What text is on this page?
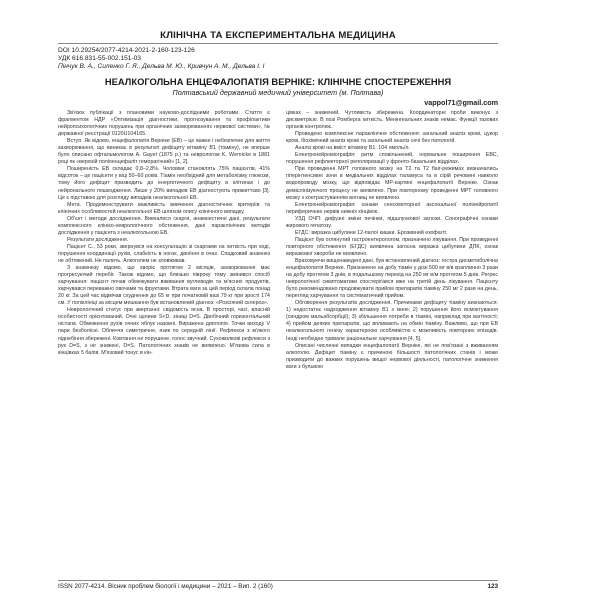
КЛІНІЧНА ТА ЕКСПЕРИМЕНТАЛЬНА МЕДИЦИНА
DOI 10.29254/2077-4214-2021-2-160-123-126
УДК 616.831-55-002.151-03
Пінчук В. А., Силенко Г. Я., Дельва М. Ю., Кривчун А. М., Дельва І. І
НЕАЛКОГОЛЬНА ЕНЦЕФАЛОПАТІЯ ВЕРНІКЕ: КЛІНІЧНЕ СПОСТЕРЕЖЕННЯ
Полтавський державний медичний університет (м. Полтава)
vappol71@gmail.com

Зв'язок публікації з плановими науково-дослідними роботами. Стаття є фрагментом НДР «Оптимізація діагностики, прогнозування та профілактики нейропсихологічних порушень при органічних захворюваннях нервової системи», № державної реєстрації 0120U104165.

Вступ. Як відомо, енцефалопатія Верніке (ЕВ) – це важке і небезпечне для життя захворювання, що виникає в результаті дефіциту вітаміну В1 (тіаміну), не вперше було описано офтальмологом A. Gayet (1875 р.) та неврологом K. Wernicke в 1881 році як «верхній поліоенцефаліт геморагічний» [1, 2].

Поширеність ЕВ складає 0,8–2,8%. Чоловіки становлять 75% пацієнтів, 41% відсоток – це пацієнти у віці 50–60 років. Тіамін необхідний для метаболізму глюкози, тому його дефіцит призводить до енергетичного дефіциту в клітинах і до нейронального пошкодження. Лише у 20% випадків ЕВ діагностують прижиттєво [3]. Це є підставою для розгляду випадків неалкогольної ЕВ.

Мета. Продемонструвати важливість вивчення діагностичних критеріїв та клінічних особливостей неалкогольної ЕВ шляхом опису клінічного випадку.

Об'єкт і методи дослідження. Вивчалися скарги, анамнестичні дані, результати комплексного клініко-неврологічного обстеження, дані параклінічних методів дослідження у пацієнта з неалкогольною ЕВ.

Результати дослідження.

Пацієнт С., 53 роки, звернувся на консультацію зі скаргами на хиткість при ході, порушення координації рухів, слабкість в ногах, двоїння в очах. Cпадковий анамнез не обтяжений. Не палить. Алкоголем не зловживав.

З анамнезу відомо, що хворіє протягом 2 місяців, захворювання має прогресуючий перебіг. Також відомо, що близько півроку тому змінився спосіб харчування: пацієнт почав обмежувати вживання вуглеводів та м'ясних продуктів, харчувався переважно овочами та фруктами. Втрата ваги за цей період склала понад 20 кг. За цей час відмічав схуднення до 65 кг при початковій вазі 79 кг при зрості 174 см. У поліклініці за місцем мешкання був встановлений діагноз: «Розсіяний склероз».

Неврологічний статус при звертанні: свідомість ясна. В просторі, часі, власній особистості орієнтований. Очні щілини S<D, зіниці D=S. Двобічний горизонтальний ністагм. Обмеження рухів очних яблук назовні. Виражена диплопія. Точки виходу V пари безболісні. Обличчя симетричне, язик по середній лінії. Рефлекси з м'якого піднебіння збережені. Ковтання не порушене, голос звучний. Сухожилкові рефлекси з рук D=S, з ніг знижені, D=S. Патологічних знаків не виявлено. М'язова сила в кінцівках 5 балів. М'язовий тонус в кін-

цівках – знижений. Чутливість збережена. Координаторні проби виконує з дискметрією. В позі Ромберга хиткість. Менінгеальних знаків немає. Функції тазових органів контролює.

Проведено комплексне параклінічне обстеження: загальний аналіз крові, цукор крові, біохімічний аналіз крові та загальний аналіз сечі без патологій.

Аналіз крові на вміст вітаміну В1: 104 нмоль/л.

Електронейроміографія: ритм сповільнений, нормальне поширення ЕВС, порушення рефлекторної реполяризації у фронто-базальних відділах.

При проведенні МРТ головного мозку на Т2 та Т2 flair-режимах визначались гіперінтенсивні зони в медіальних відділах таламуса та в сірій речовині навколо водопроводу мозку, що відповідає МР-картині енцефалопатії Верніке. Ознак демієлінізуючого процесу не виявлено. При повторному проведенні МРТ головного мозку з контрастуванням вогнищ не виявлено.

Електронейроміографія: ознаки сенсомоторної аксональної полінейропатії периферичних нервів нижніх кінцівок.

УЗД ОЧП: дифузні зміни печінки, підшлункової залози. Сонографічні ознаки жирового гепатозу.

ЕГДС: виразка цибулини 12-палої кишки. Ерозивний езофагіт.

Пацієнт був оглянутий гастроентерологом, призначено лікування. При проведенні повторного обстеження (ЕГДС) виявлена загоєна виразка цибулини ДПК, ознак виразкової хвороби не виявлено.

Враховуючи вищенаведені дані, був встановлений діагноз: гостра дисметаболічна енцефалопатія Верніке. Призначено на добу тіамін у дозі 500 мг в/в краплинно 3 рази на добу протягом 3 днів, в подальшому перехід на 250 мг в/м протягом 5 днів. Регрес неврологічної симптоматики спостерігався вже на третій день лікування. Пацієнту було рекомендовано продовжувати прийом препаратів тіаміну 250 мг 2 рази на день, перегляд харчування та систематичний прийом.

Обговорення результатів дослідження. Причинами дефіциту тіаміну визнаються: 1) недостатнє надходження вітаміну В1 з їжею; 2) порушення його всмоктування (синдром мальабсорбції); 3) збільшення потреби в тіаміні, наприклад при вагітності; 4) прийом деяких препаратів, що впливають на обмін тіаміну. Важливо, що при ЕВ неалкогольного генезу характерною особливістю є можливість повторних епізодів. Іноді необхідне тривале раціональне харчування [4, 5].

Описані численні випадки енцефалопатії Верніке, які не пов'язані з вживанням алкоголю. Дефіцит тіаміну є причиною більшості патологічних станів і може призводити до важких порушень вищої нервової діяльності, патологічне зниження ваги з бульвою

ISSN 2077-4214. Вісник проблем біології і медицини – 2021 – Вип. 2 (160)	123
